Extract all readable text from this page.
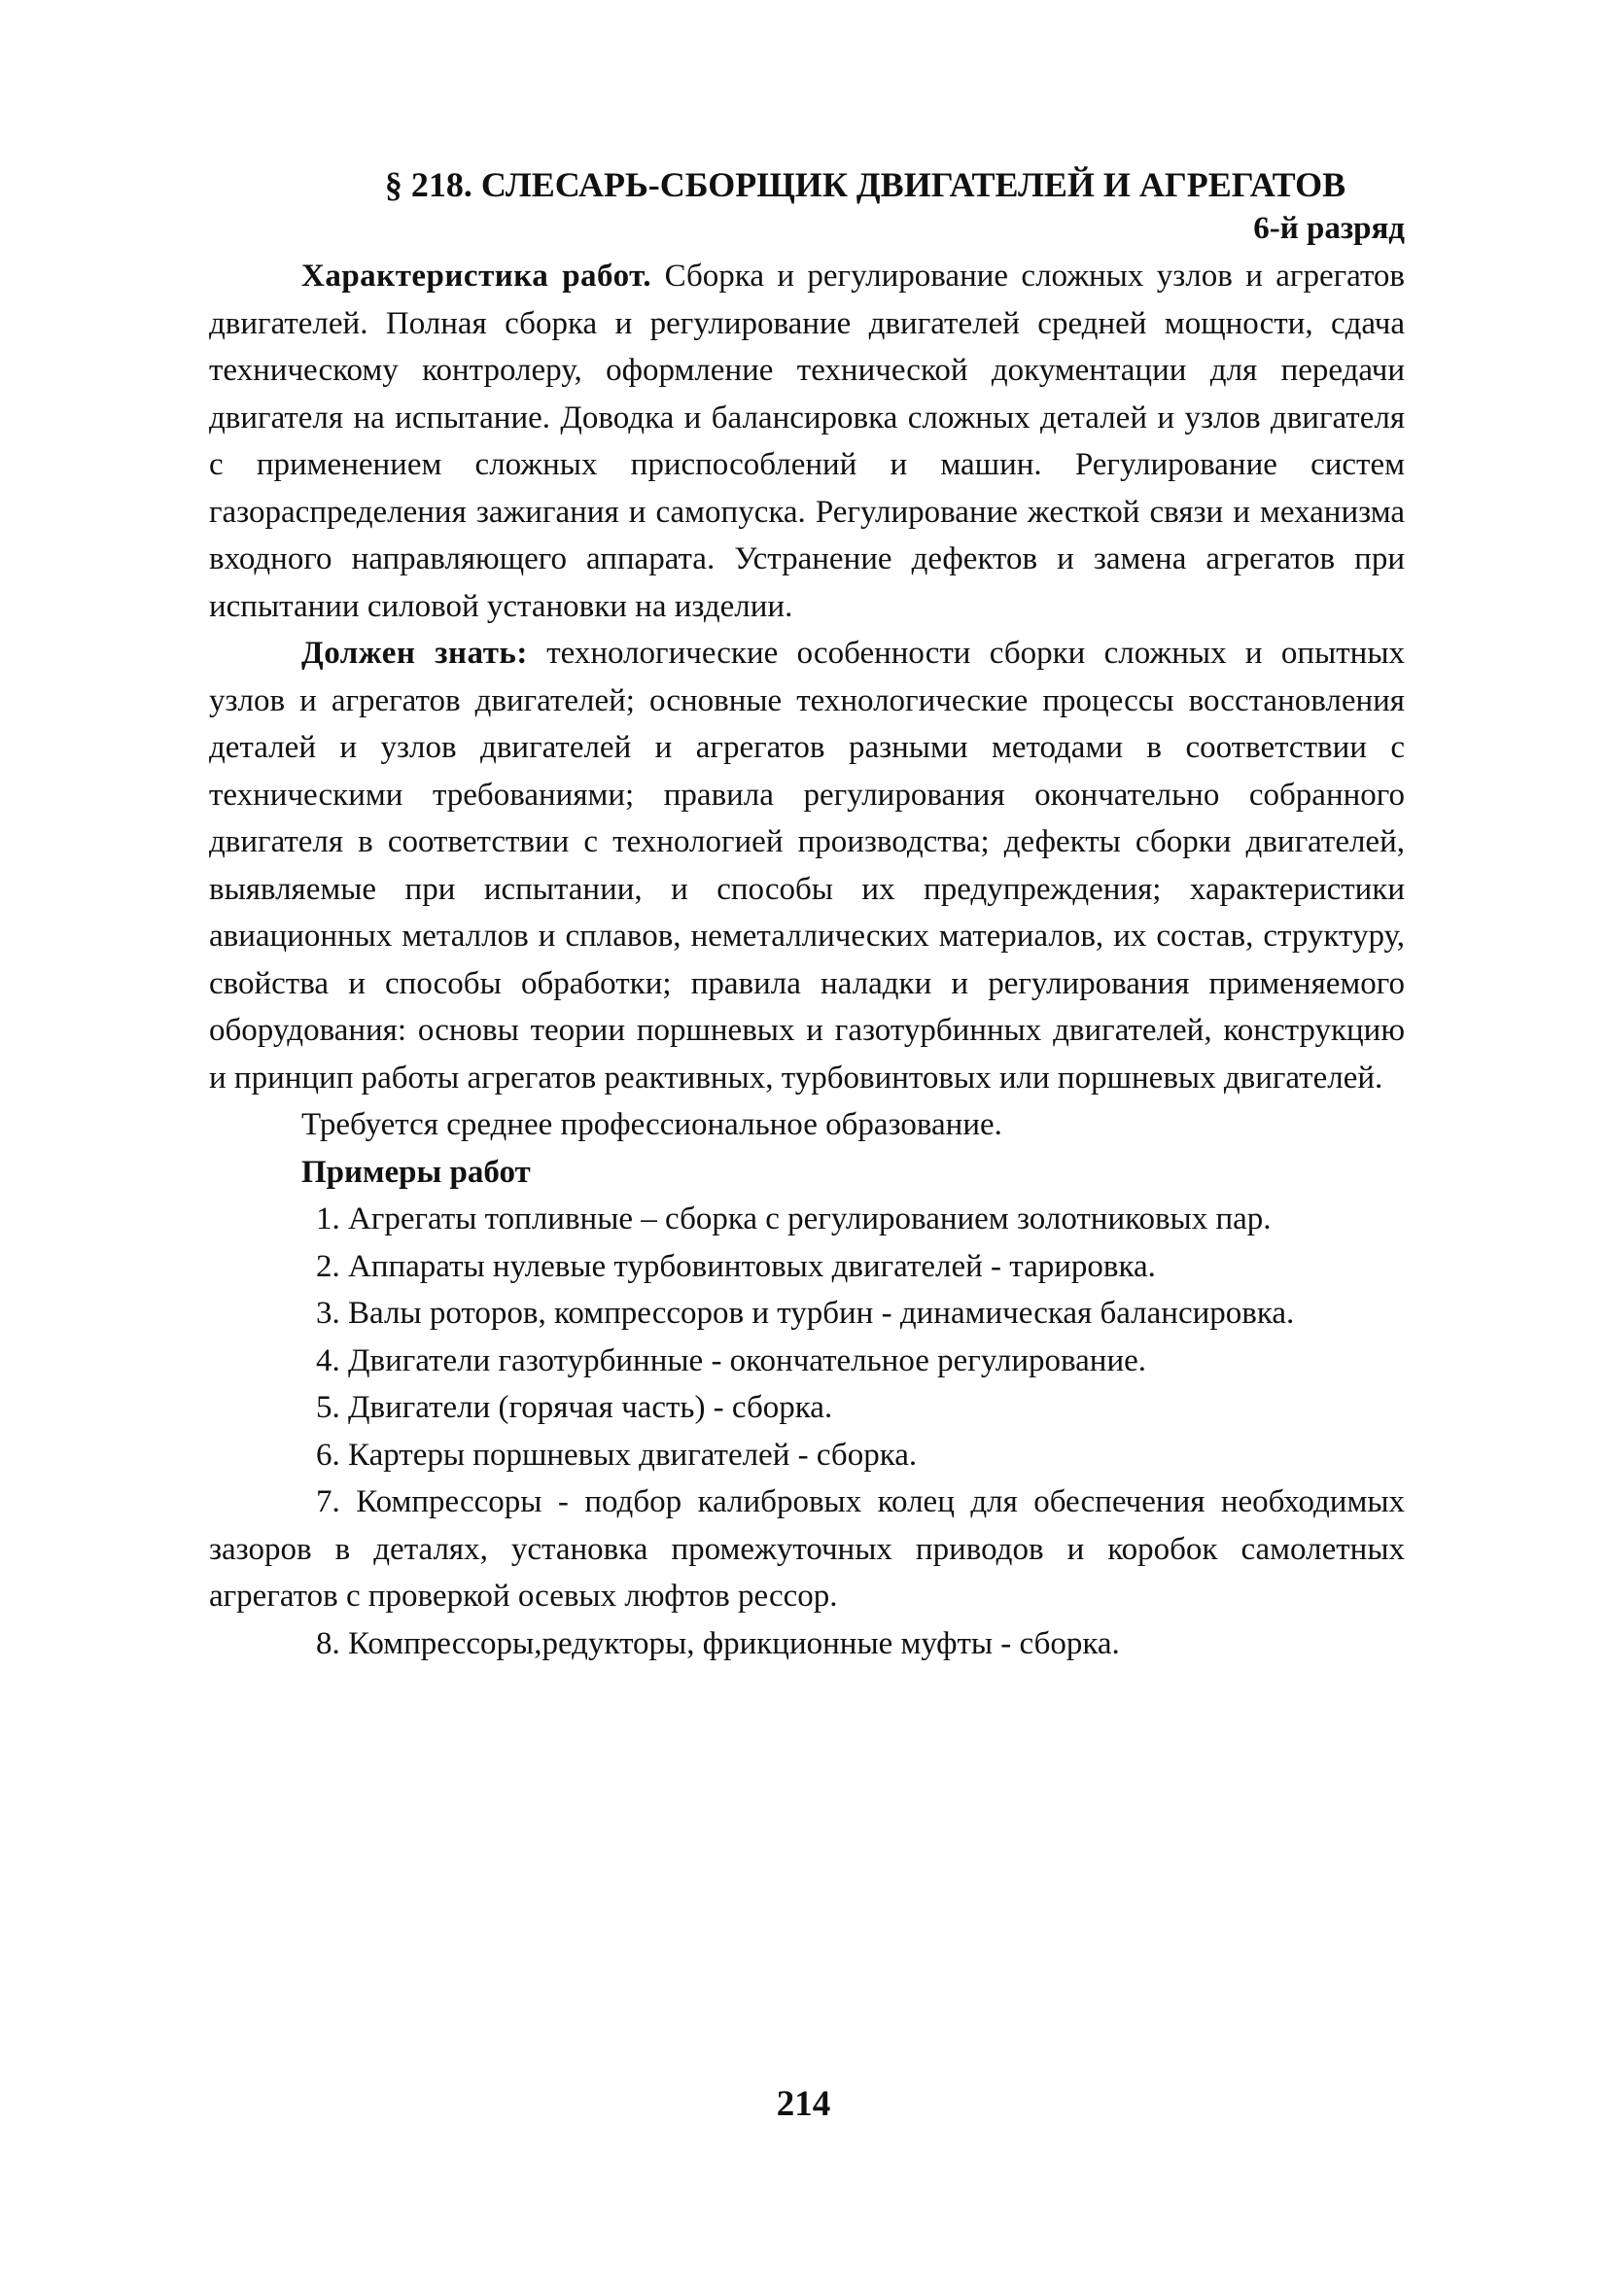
§ 218. СЛЕСАРЬ-СБОРЩИК ДВИГАТЕЛЕЙ И АГРЕГАТОВ
6-й разряд

Характеристика работ. Сборка и регулирование сложных узлов и агрегатов двигателей. Полная сборка и регулирование двигателей средней мощности, сдача техническому контролеру, оформление технической документации для передачи двигателя на испытание. Доводка и балансировка сложных деталей и узлов двигателя с применением сложных приспособлений и машин. Регулирование систем газораспределения зажигания и самопуска. Регулирование жесткой связи и механизма входного направляющего аппарата. Устранение дефектов и замена агрегатов при испытании силовой установки на изделии.

Должен знать: технологические особенности сборки сложных и опытных узлов и агрегатов двигателей; основные технологические процессы восстановления деталей и узлов двигателей и агрегатов разными методами в соответствии с техническими требованиями; правила регулирования окончательно собранного двигателя в соответствии с технологией производства; дефекты сборки двигателей, выявляемые при испытании, и способы их предупреждения; характеристики авиационных металлов и сплавов, неметаллических материалов, их состав, структуру, свойства и способы обработки; правила наладки и регулирования применяемого оборудования: основы теории поршневых и газотурбинных двигателей, конструкцию и принцип работы агрегатов реактивных, турбовинтовых или поршневых двигателей.

Требуется среднее профессиональное образование.

Примеры работ

1. Агрегаты топливные – сборка с регулированием золотниковых пар.

2. Аппараты нулевые турбовинтовых двигателей - тарировка.

3. Валы роторов, компрессоров и турбин - динамическая балансировка.

4. Двигатели газотурбинные - окончательное регулирование.

5. Двигатели (горячая часть) - сборка.

6. Картеры поршневых двигателей - сборка.

7. Компрессоры - подбор калибровых колец для обеспечения необходимых зазоров в деталях, установка промежуточных приводов и коробок самолетных агрегатов с проверкой осевых люфтов рессор.

8. Компрессоры,редукторы, фрикционные муфты - сборка.

214
